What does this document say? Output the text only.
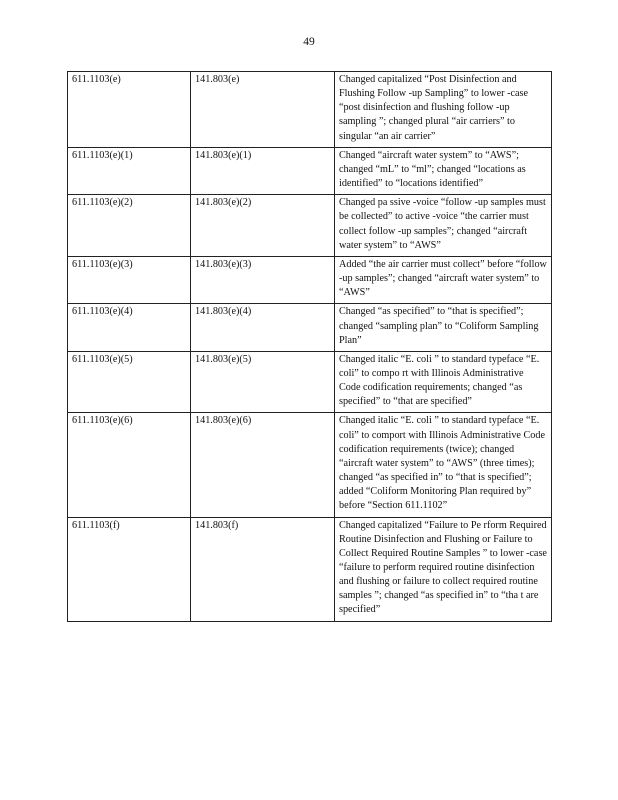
49
611.1103(e)	141.803(e)	Changed capitalized “Post Disinfection and Flushing Follow -up Sampling” to lower -case “post disinfection and flushing follow -up sampling ”; changed plural “air carriers” to singular “an air carrier”
611.1103(e)(1)	141.803(e)(1)	Changed “aircraft water system” to “AWS”; changed “mL” to “ml”; changed “locations as identified” to “locations identified”
611.1103(e)(2)	141.803(e)(2)	Changed pa ssive -voice “follow -up samples must be collected” to active -voice “the carrier must collect follow -up samples”; changed “aircraft water system” to “AWS”
611.1103(e)(3)	141.803(e)(3)	Added “the air carrier must collect” before “follow -up samples”; changed “aircraft water system” to “AWS”
611.1103(e)(4)	141.803(e)(4)	Changed “as specified” to “that is specified”; changed “sampling plan” to “Coliform Sampling Plan”
611.1103(e)(5)	141.803(e)(5)	Changed italic “E. coli ” to standard typeface “E. coli” to compo rt with Illinois Administrative Code codification requirements; changed “as specified” to “that are specified”
611.1103(e)(6)	141.803(e)(6)	Changed italic “E. coli ” to standard typeface “E. coli” to comport with Illinois Administrative Code codification requirements (twice); changed “aircraft water system” to “AWS” (three times); changed “as specified in” to “that is specified”; added “Coliform Monitoring Plan required by” before “Section 611.1102”
611.1103(f)	141.803(f)	Changed capitalized “Failure to Pe rform Required Routine Disinfection and Flushing or Failure to Collect Required Routine Samples ” to lower -case “failure to perform required routine disinfection and flushing or failure to collect required routine samples ”; changed “as specified in” to “tha t are specified”
